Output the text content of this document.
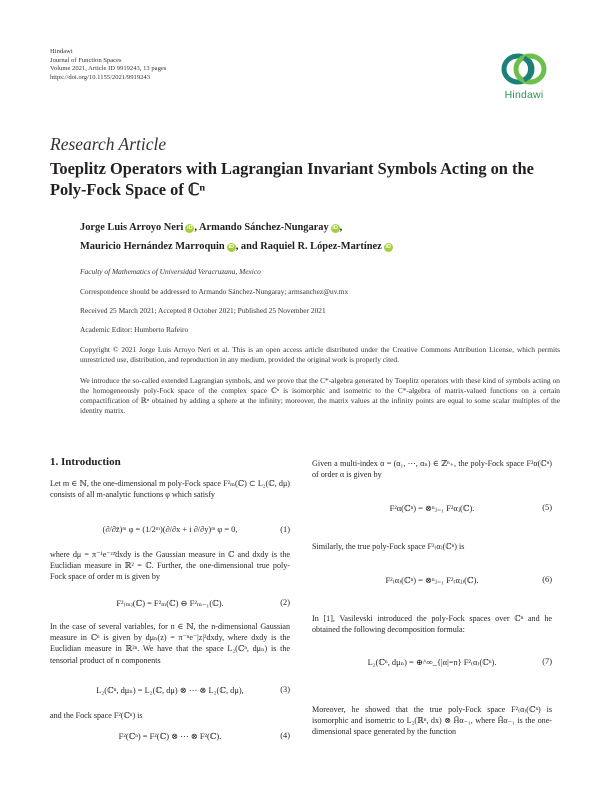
Hindawi
Journal of Function Spaces
Volume 2021, Article ID 9919243, 13 pages
https://doi.org/10.1155/2021/9919243
Hindawi
Research Article
Toeplitz Operators with Lagrangian Invariant Symbols Acting on the Poly-Fock Space of ℂⁿ
Jorge Luis Arroyo Neri iD , Armando Sánchez-Nungaray iD ,
Mauricio Hernández Marroquin iD , and Raquiel R. López-Martínez iD
Faculty of Mathematics of Universidad Veracruzana, Mexico
Correspondence should be addressed to Armando Sánchez-Nungaray; armsanchez@uv.mx
Received 25 March 2021; Accepted 8 October 2021; Published 25 November 2021
Academic Editor: Humberto Rafeiro
Copyright © 2021 Jorge Luis Arroyo Neri et al. This is an open access article distributed under the Creative Commons Attribution License, which permits unrestricted use, distribution, and reproduction in any medium, provided the original work is properly cited.
We introduce the so-called extended Lagrangian symbols, and we prove that the C*-algebra generated by Toeplitz operators with these kind of symbols acting on the homogeneously poly-Fock space of the complex space ℂⁿ is isomorphic and isometric to the C*-algebra of matrix-valued functions on a certain compactification of ℝⁿ obtained by adding a sphere at the infinity; moreover, the matrix values at the infinity points are equal to some scalar multiples of the identity matrix.
1. Introduction
Let m ∈ ℕ, the one-dimensional m poly-Fock space F²ₘ(ℂ) ⊂ L₂(ℂ, dμ) consists of all m-analytic functions φ which satisfy
(∂/∂z̄)ᵐ φ = (1/2ᵐ)(∂/∂x + i ∂/∂y)ᵐ φ = 0,	(1)
where dμ = π⁻¹e⁻ᶻᶻ̄dxdy is the Gaussian measure in ℂ and dxdy is the Euclidian measure in ℝ² = ℂ. Further, the one-dimensional true poly-Fock space of order m is given by
F²₍ₘ₎(ℂ) = F²ₘ(ℂ) ⊖ F²ₘ₋₁(ℂ).	(2)
In the case of several variables, for n ∈ ℕ, the n-dimensional Gaussian measure in ℂⁿ is given by dμₙ(z) = π⁻ⁿe⁻|z|²dxdy, where dxdy is the Euclidian measure in ℝ²ⁿ. We have that the space L₂(ℂⁿ, dμₙ) is the tensorial product of n components
L₂(ℂⁿ, dμₙ) = L₂(ℂ, dμ) ⊗ ⋯ ⊗ L₂(ℂ, dμ),	(3)
and the Fock space F²(ℂⁿ) is
F²(ℂⁿ) = F²(ℂ) ⊗ ⋯ ⊗ F²(ℂ).	(4)
Given a multi-index α = (α₁, ⋯, αₙ) ∈ ℤⁿ₊, the poly-Fock space F²α(ℂⁿ) of order α is given by
F²α(ℂⁿ) = ⊗ⁿⱼ₌₁ F²αⱼ(ℂ).	(5)
Similarly, the true poly-Fock space F²₍α₎(ℂⁿ) is
F²₍α₎(ℂⁿ) = ⊗ⁿⱼ₌₁ F²₍αⱼ₎(ℂ).	(6)
In [1], Vasilevski introduced the poly-Fock spaces over ℂⁿ and he obtained the following decomposition formula:
L₂(ℂⁿ, dμₙ) = ⊕^∞_{|α|=n} F²₍α₎(ℂⁿ).	(7)
Moreover, he showed that the true poly-Fock space F²₍α₎(ℂⁿ) is isomorphic and isometric to L₂(ℝⁿ, dx) ⊗ H̃α₋₁, where H̃α₋₁ is the one-dimensional space generated by the function
